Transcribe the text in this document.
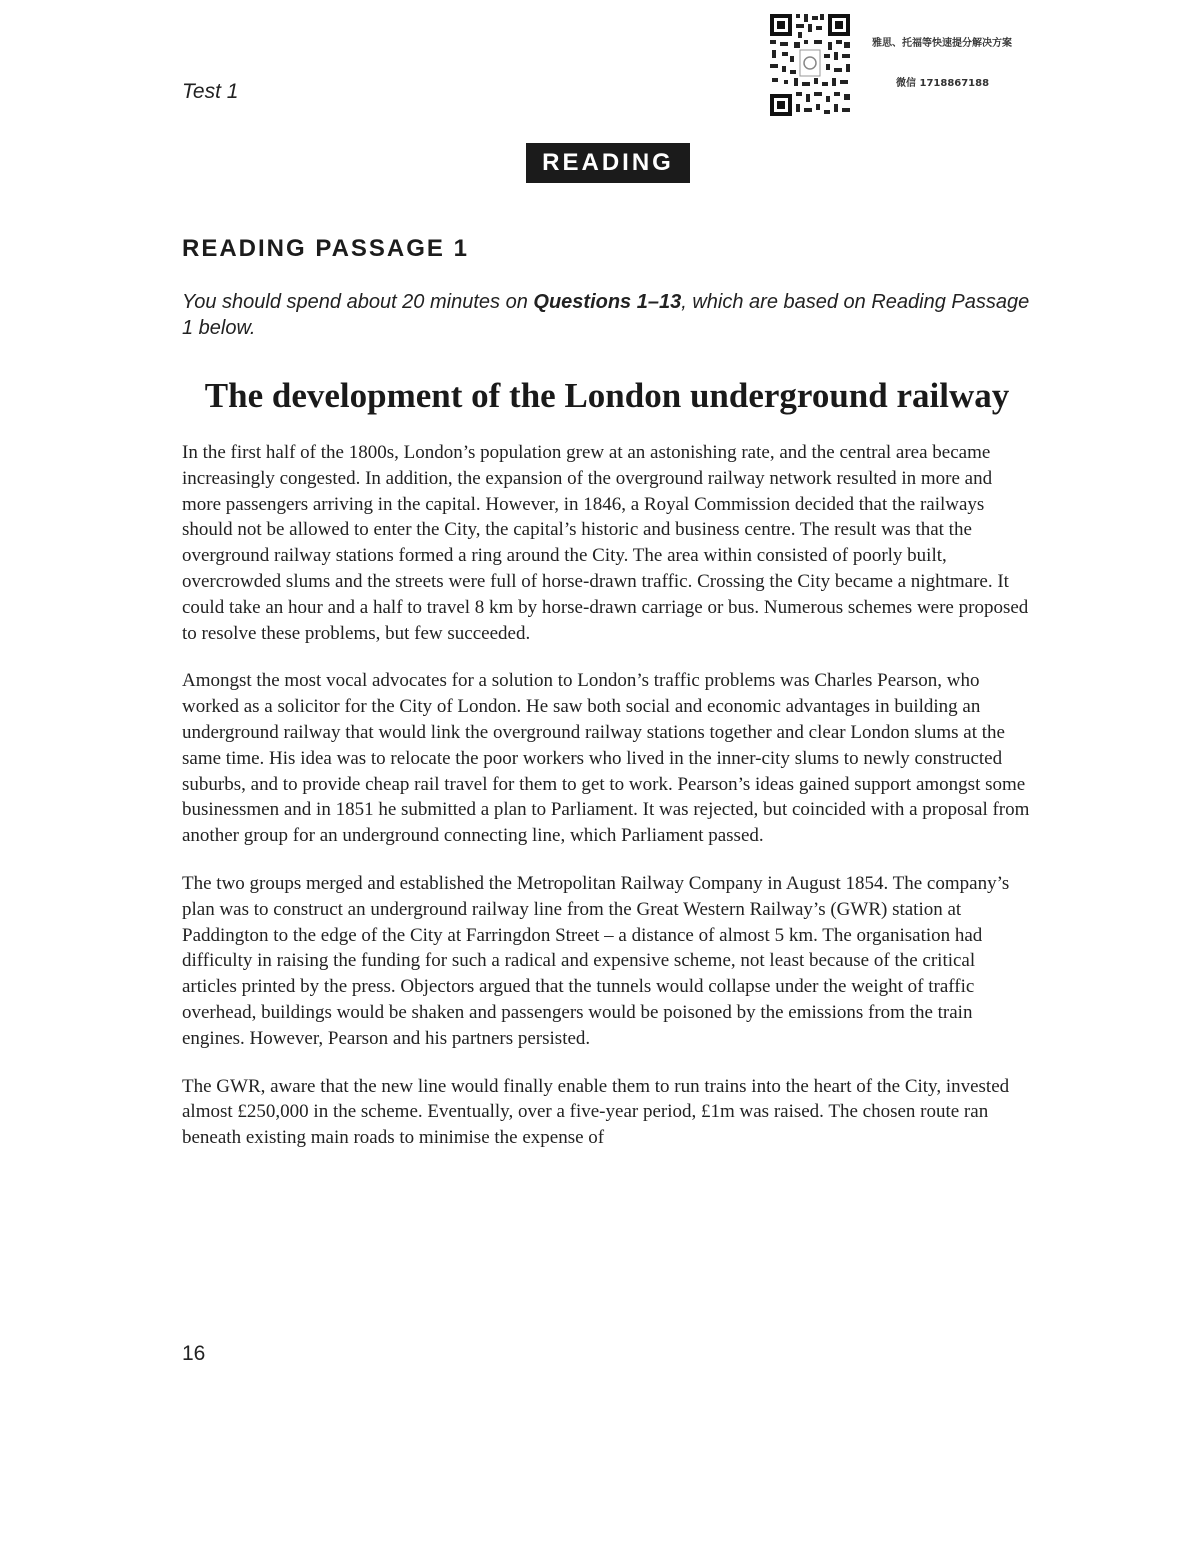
Test 1
雅思、托福等快速提分解决方案
微信 1718867188
READING
READING PASSAGE 1

You should spend about 20 minutes on Questions 1–13, which are based on Reading Passage 1 below.

The development of the London underground railway

In the first half of the 1800s, London’s population grew at an astonishing rate, and the central area became increasingly congested. In addition, the expansion of the overground railway network resulted in more and more passengers arriving in the capital. However, in 1846, a Royal Commission decided that the railways should not be allowed to enter the City, the capital’s historic and business centre. The result was that the overground railway stations formed a ring around the City. The area within consisted of poorly built, overcrowded slums and the streets were full of horse-drawn traffic. Crossing the City became a nightmare. It could take an hour and a half to travel 8 km by horse-drawn carriage or bus. Numerous schemes were proposed to resolve these problems, but few succeeded.

Amongst the most vocal advocates for a solution to London’s traffic problems was Charles Pearson, who worked as a solicitor for the City of London. He saw both social and economic advantages in building an underground railway that would link the overground railway stations together and clear London slums at the same time. His idea was to relocate the poor workers who lived in the inner-city slums to newly constructed suburbs, and to provide cheap rail travel for them to get to work. Pearson’s ideas gained support amongst some businessmen and in 1851 he submitted a plan to Parliament. It was rejected, but coincided with a proposal from another group for an underground connecting line, which Parliament passed.

The two groups merged and established the Metropolitan Railway Company in August 1854. The company’s plan was to construct an underground railway line from the Great Western Railway’s (GWR) station at Paddington to the edge of the City at Farringdon Street – a distance of almost 5 km. The organisation had difficulty in raising the funding for such a radical and expensive scheme, not least because of the critical articles printed by the press. Objectors argued that the tunnels would collapse under the weight of traffic overhead, buildings would be shaken and passengers would be poisoned by the emissions from the train engines. However, Pearson and his partners persisted.

The GWR, aware that the new line would finally enable them to run trains into the heart of the City, invested almost £250,000 in the scheme. Eventually, over a five-year period, £1m was raised. The chosen route ran beneath existing main roads to minimise the expense of

16
